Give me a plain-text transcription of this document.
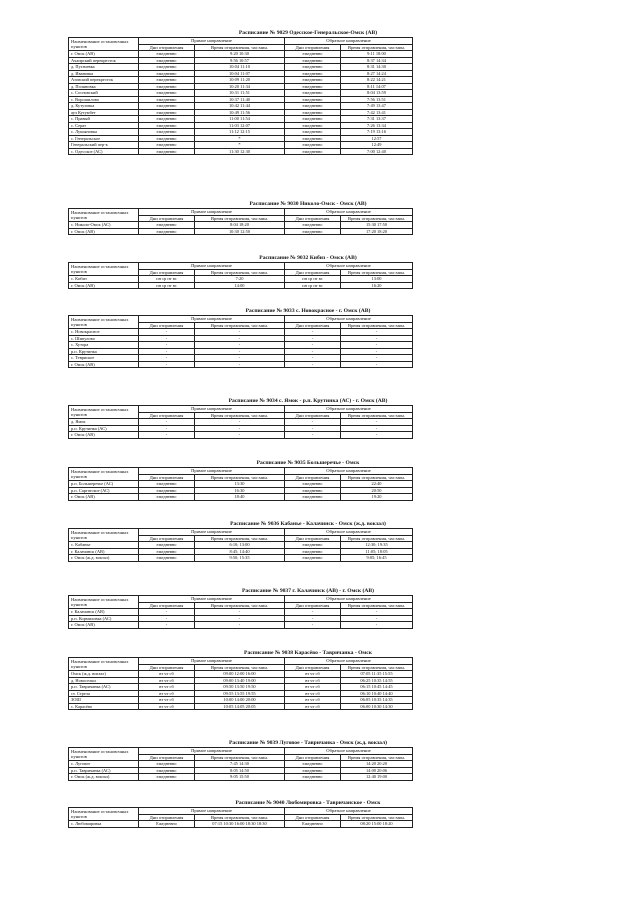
Расписание № 9029 Одесское-Генеральское-Омск (АВ)
Наименование остановочных пунктов	Прямое направление		Обратное направление	
	Дни отправления	Время отправления, час:мин.	Дни отправления	Время отправления, час:мин.
г. Омск (АВ)	ежедневно	9:20 10:30	ежедневно	9:11 18:00
Ачаирский перекресток	ежедневно	9:56 10:57	ежедневно	8:37 14:34
д. Пугачевка	ежедневно	10:04 11:10	ежедневно	8:31 14:30
д. Ивановка	ежедневно	10:04 11:07	ежедневно	8:27 14:24
Азовский перекресток	ежедневно	10:09 11:20	ежедневно	8:22 14:21
д. Поляновка	ежедневно	10:20 11:34	ежедневно	8:11 14:07
с. Сосновский	ежедневно	10:31 11:51	ежедневно	8:04 13:59
с. Ворошилово	ежедневно	10:37 11:40	ежедневно	7:56 13:51
д. Кутузовка	ежедневно	10:42 11:44	ежедневно	7:49 13:47
аул Кутумбет	ежедневно	10:49 11:56	ежедневно	7:42 13:41
с. Правый	ежедневно	11:00 11:54	ежедневно	7:31 13:37
с. Серат	ежедневно	11:03 12:07	ежедневно	7:26 13:34
с. Лукьяновка	ежедневно	11:12 12:15	ежедневно	7:19 13:16
с. Генеральское	ежедневно	*	ежедневно	12:57
Генеральский пер-к	ежедневно	*	ежедневно	12:49
с. Одесское (АС)	ежедневно	11:30 12:30	ежедневно	7:00 12:40
Расписание № 9030 Николо-Омск - Омск (АВ)
Наименование остановочных пунктов	Прямое направление		Обратное направление	
	Дни отправления	Время отправления, час:мин.	Дни отправления	Время отправления, час:мин.
с. Николо-Омск (АС)	ежедневно	8:04 18:20	ежедневно	15:30 17:50
г. Омск (АВ)	ежедневно	10:30 12:50	ежедневно	17:20 18:20
Расписание № 9032 Кибиз - Омск (АВ)
Наименование остановочных пунктов	Прямое направление		Обратное направление	
	Дни отправления	Время отправления, час:мин.	Дни отправления	Время отправления, час:мин.
с. Кибиз	пн ср пт вс	7:20	пн ср пт вс	13:00
г. Омск (АВ)	пн ср пт вс	14:00	пн ср пт вс	16:20
Расписание № 9033 с. Новокрасное - г. Омск (АВ)
Наименование остановочных пунктов	Прямое направление		Обратное направление	
	Дни отправления	Время отправления, час:мин.	Дни отправления	Время отправления, час:мин.
с. Новокрасное	-	-	-	-
с. Шипулово	-	-	-	-
с. Хутора	-	-	-	-
р.п. Крутинка	-	-	-	-
с. Тевриское	-	-	-	-
г. Омск (АВ)	-	-	-	-
Расписание № 9034 с. Ямок - р.п. Крутинка (АС) - г. Омск (АВ)
Наименование остановочных пунктов	Прямое направление		Обратное направление	
	Дни отправления	Время отправления, час:мин.	Дни отправления	Время отправления, час:мин.
д. Ямок	-	-	-	-
р.п. Крутинка (АС)	-	-	-	-
г. Омск (АВ)	-	-	-	-
Расписание № 9035 Большеречье - Омск
Наименование остановочных пунктов	Прямое направление		Обратное направление	
	Дни отправления	Время отправления, час:мин.	Дни отправления	Время отправления, час:мин.
р.п. Большеречье (АС)	ежедневно	13:30	ежедневно	22:40
р.п. Саргатское (АС)	ежедневно	16:30	ежедневно	20:50
г. Омск (АВ)	ежедневно	18:40	ежедневно	19:20
Расписание № 9036 Кабанье - Калачинск - Омск (ж.д. вокзал)
Наименование остановочных пунктов	Прямое направление		Обратное направление	
	Дни отправления	Время отправления, час:мин.	Дни отправления	Время отправления, час:мин.
с. Кабанье	ежедневно	6:10; 13:00	ежедневно	12:30; 19:35
г. Калачинск (АВ)	ежедневно	8:45; 14:40	ежедневно	11:05; 18:05
г. Омск (ж.д. вокзал)	ежедневно	9:50; 15:35	ежедневно	9:05; 16:45
Расписание № 9037 г. Калачинск (АВ) - г. Омск (АВ)
Наименование остановочных пунктов	Прямое направление		Обратное направление	
	Дни отправления	Время отправления, час:мин.	Дни отправления	Время отправления, час:мин.
г. Калачинск (АВ)	-	-	-	-
р.п. Кормиловка (АС)	-	-	-	-
г. Омск (АВ)	-	-	-	-
Расписание № 9038 Карасёво - Тавричанка - Омск
Наименование остановочных пунктов	Прямое направление		Обратное направление	
	Дни отправления	Время отправления, час:мин.	Дни отправления	Время отправления, час:мин.
Омск (ж.д. вокзал)	вт чт сб	09:00 12:00 16:00	вт чт сб	07:05 11:35 15:55
д. Новоселки	вт чт сб	09:00 13:40 19:00	вт чт сб	06:25 10:35 14:55
р.п. Тавричанка (АС)	вт чт сб	09:50 13:50 19:50	вт чт сб	06:15 10:45 14:45
ст. Стрела	вт чт сб	09:55 13:55 19:55	вт чт сб	06:10 10:40 14:40
ЗОШ	вт чт сб	10:00 14:00 20:00	вт чт сб	06:05 10:35 14:35
с. Карасёво	вт чт сб	10:05 14:05 20:05	вт чт сб	06:00 10:30 14:30
Расписание № 9039 Луговое - Тавричанка - Омск (ж.д. вокзал)
Наименование остановочных пунктов	Прямое направление		Обратное направление	
	Дни отправления	Время отправления, час:мин.	Дни отправления	Время отправления, час:мин.
с. Луговое	ежедневно	7:45 14:30	ежедневно	14:20 20:20
р.п. Тавричанка (АС)	ежедневно	8:05 14:50	ежедневно	14:00 20:06
г. Омск (ж.д. вокзал)	ежедневно	9:05 15:50	ежедневно	12:40 19:00
Расписание № 9040 Любомировка - Тавричанское - Омск
Наименование остановочных пунктов	Прямое направление		Обратное направление	
	Дни отправления	Время отправления, час:мин.	Дни отправления	Время отправления, час:мин.
с. Любомировка	Ежедневно	07:15 10:30 16:00 18:30 18:30	Ежедневно	08:20 15:00 18:20
